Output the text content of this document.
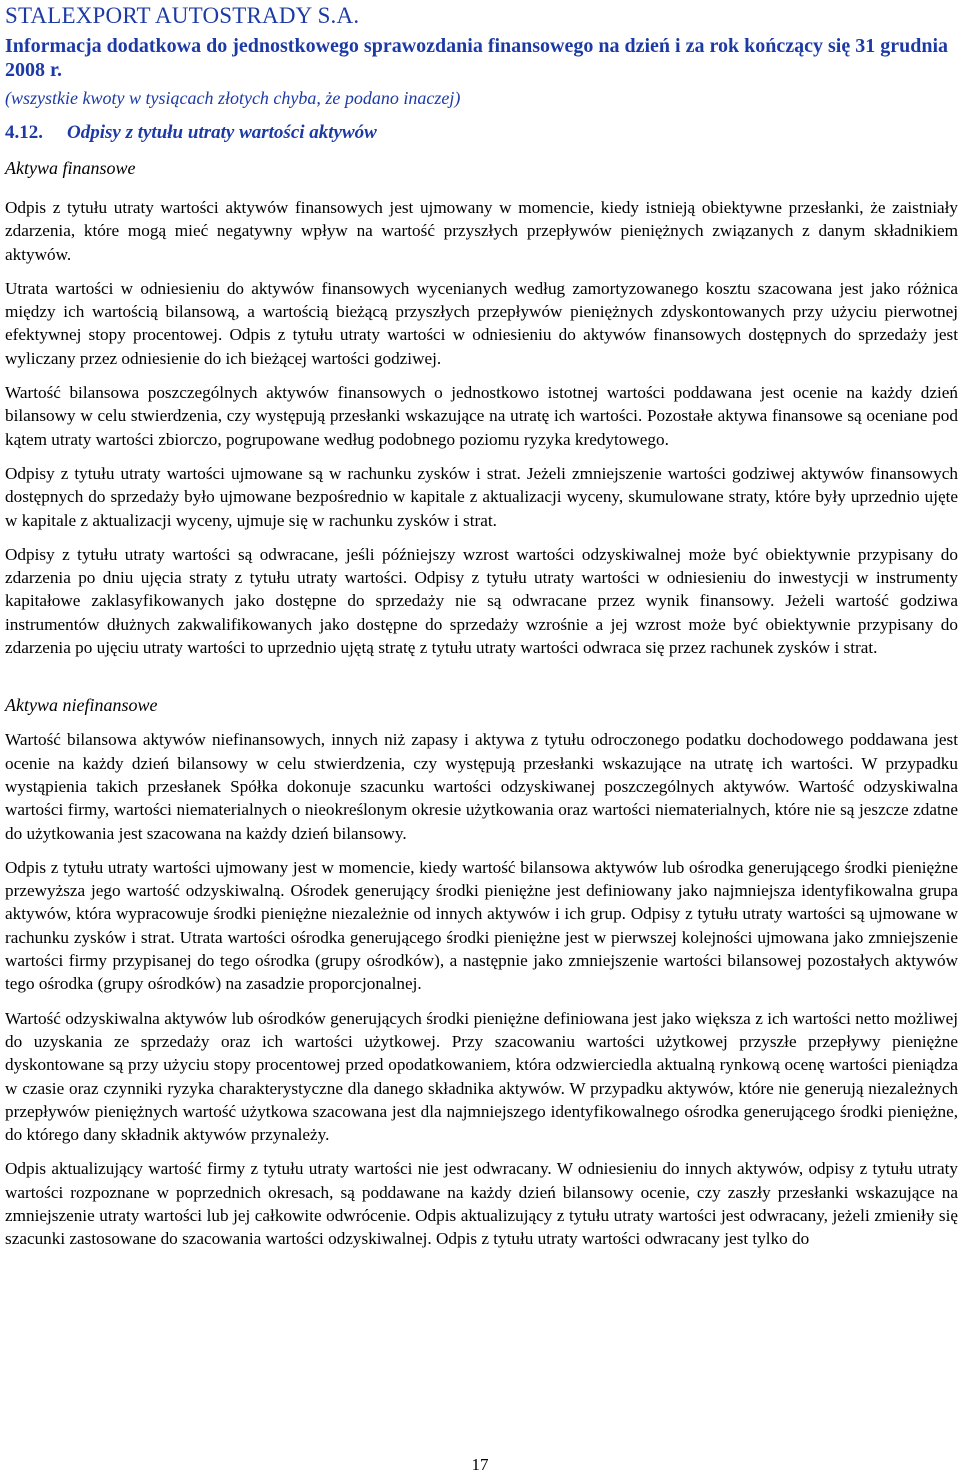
STALEXPORT AUTOSTRADY S.A.
Informacja dodatkowa do jednostkowego sprawozdania finansowego na dzień i za rok kończący się 31 grudnia 2008 r.
(wszystkie kwoty w tysiącach złotych chyba, że podano inaczej)
4.12. Odpisy z tytułu utraty wartości aktywów
Aktywa finansowe

Odpis z tytułu utraty wartości aktywów finansowych jest ujmowany w momencie, kiedy istnieją obiektywne przesłanki, że zaistniały zdarzenia, które mogą mieć negatywny wpływ na wartość przyszłych przepływów pieniężnych związanych z danym składnikiem aktywów.

Utrata wartości w odniesieniu do aktywów finansowych wycenianych według zamortyzowanego kosztu szacowana jest jako różnica między ich wartością bilansową, a wartością bieżącą przyszłych przepływów pieniężnych zdyskontowanych przy użyciu pierwotnej efektywnej stopy procentowej. Odpis z tytułu utraty wartości w odniesieniu do aktywów finansowych dostępnych do sprzedaży jest wyliczany przez odniesienie do ich bieżącej wartości godziwej.

Wartość bilansowa poszczególnych aktywów finansowych o jednostkowo istotnej wartości poddawana jest ocenie na każdy dzień bilansowy w celu stwierdzenia, czy występują przesłanki wskazujące na utratę ich wartości. Pozostałe aktywa finansowe są oceniane pod kątem utraty wartości zbiorczo, pogrupowane według podobnego poziomu ryzyka kredytowego.

Odpisy z tytułu utraty wartości ujmowane są w rachunku zysków i strat. Jeżeli zmniejszenie wartości godziwej aktywów finansowych dostępnych do sprzedaży było ujmowane bezpośrednio w kapitale z aktualizacji wyceny, skumulowane straty, które były uprzednio ujęte w kapitale z aktualizacji wyceny, ujmuje się w rachunku zysków i strat.

Odpisy z tytułu utraty wartości są odwracane, jeśli późniejszy wzrost wartości odzyskiwalnej może być obiektywnie przypisany do zdarzenia po dniu ujęcia straty z tytułu utraty wartości. Odpisy z tytułu utraty wartości w odniesieniu do inwestycji w instrumenty kapitałowe zaklasyfikowanych jako dostępne do sprzedaży nie są odwracane przez wynik finansowy. Jeżeli wartość godziwa instrumentów dłużnych zakwalifikowanych jako dostępne do sprzedaży wzrośnie a jej wzrost może być obiektywnie przypisany do zdarzenia po ujęciu utraty wartości to uprzednio ujętą stratę z tytułu utraty wartości odwraca się przez rachunek zysków i strat.

Aktywa niefinansowe

Wartość bilansowa aktywów niefinansowych, innych niż zapasy i aktywa z tytułu odroczonego podatku dochodowego poddawana jest ocenie na każdy dzień bilansowy w celu stwierdzenia, czy występują przesłanki wskazujące na utratę ich wartości. W przypadku wystąpienia takich przesłanek Spółka dokonuje szacunku wartości odzyskiwanej poszczególnych aktywów. Wartość odzyskiwalna wartości firmy, wartości niematerialnych o nieokreślonym okresie użytkowania oraz wartości niematerialnych, które nie są jeszcze zdatne do użytkowania jest szacowana na każdy dzień bilansowy.

Odpis z tytułu utraty wartości ujmowany jest w momencie, kiedy wartość bilansowa aktywów lub ośrodka generującego środki pieniężne przewyższa jego wartość odzyskiwalną. Ośrodek generujący środki pieniężne jest definiowany jako najmniejsza identyfikowalna grupa aktywów, która wypracowuje środki pieniężne niezależnie od innych aktywów i ich grup. Odpisy z tytułu utraty wartości są ujmowane w rachunku zysków i strat. Utrata wartości ośrodka generującego środki pieniężne jest w pierwszej kolejności ujmowana jako zmniejszenie wartości firmy przypisanej do tego ośrodka (grupy ośrodków), a następnie jako zmniejszenie wartości bilansowej pozostałych aktywów tego ośrodka (grupy ośrodków) na zasadzie proporcjonalnej.

Wartość odzyskiwalna aktywów lub ośrodków generujących środki pieniężne definiowana jest jako większa z ich wartości netto możliwej do uzyskania ze sprzedaży oraz ich wartości użytkowej. Przy szacowaniu wartości użytkowej przyszłe przepływy pieniężne dyskontowane są przy użyciu stopy procentowej przed opodatkowaniem, która odzwierciedla aktualną rynkową ocenę wartości pieniądza w czasie oraz czynniki ryzyka charakterystyczne dla danego składnika aktywów. W przypadku aktywów, które nie generują niezależnych przepływów pieniężnych wartość użytkowa szacowana jest dla najmniejszego identyfikowalnego ośrodka generującego środki pieniężne, do którego dany składnik aktywów przynależy.

Odpis aktualizujący wartość firmy z tytułu utraty wartości nie jest odwracany. W odniesieniu do innych aktywów, odpisy z tytułu utraty wartości rozpoznane w poprzednich okresach, są poddawane na każdy dzień bilansowy ocenie, czy zaszły przesłanki wskazujące na zmniejszenie utraty wartości lub jej całkowite odwrócenie. Odpis aktualizujący z tytułu utraty wartości jest odwracany, jeżeli zmieniły się szacunki zastosowane do szacowania wartości odzyskiwalnej. Odpis z tytułu utraty wartości odwracany jest tylko do

17
